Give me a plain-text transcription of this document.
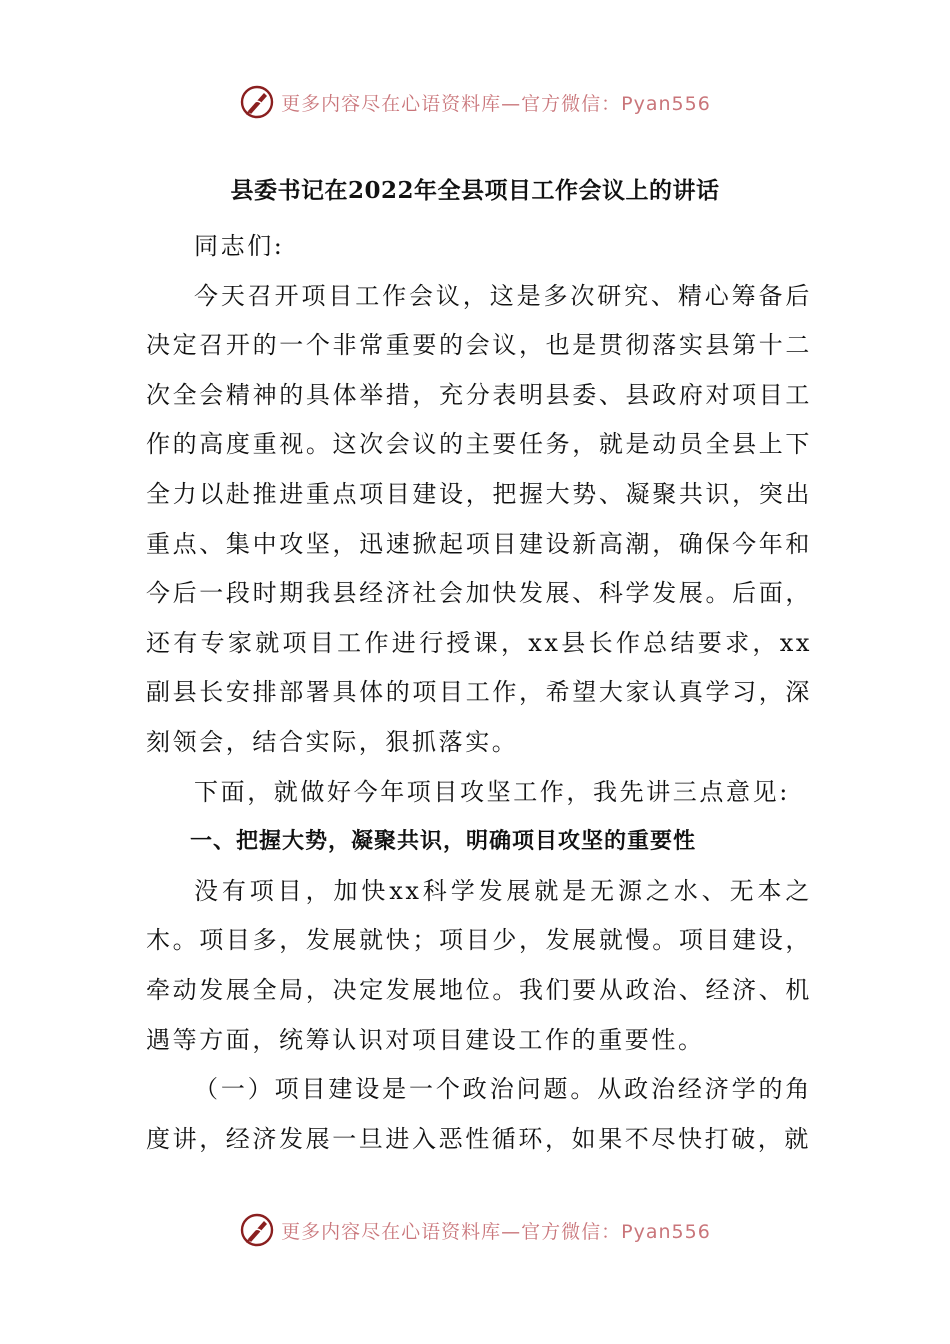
更多内容尽在心语资料库—官方微信：Pyan556
县委书记在2022年全县项目工作会议上的讲话

同志们:

今天召开项目工作会议，这是多次研究、精心筹备后决定召开的一个非常重要的会议，也是贯彻落实县第十二次全会精神的具体举措，充分表明县委、县政府对项目工作的高度重视。这次会议的主要任务，就是动员全县上下全力以赴推进重点项目建设，把握大势、凝聚共识，突出重点、集中攻坚，迅速掀起项目建设新高潮，确保今年和今后一段时期我县经济社会加快发展、科学发展。后面，还有专家就项目工作进行授课，xx县长作总结要求，xx副县长安排部署具体的项目工作，希望大家认真学习，深刻领会，结合实际，狠抓落实。

下面，就做好今年项目攻坚工作，我先讲三点意见:

一、把握大势，凝聚共识，明确项目攻坚的重要性

没有项目，加快xx科学发展就是无源之水、无本之木。项目多，发展就快；项目少，发展就慢。项目建设，牵动发展全局，决定发展地位。我们要从政治、经济、机遇等方面，统筹认识对项目建设工作的重要性。

（一）项目建设是一个政治问题。从政治经济学的角度讲，经济发展一旦进入恶性循环，如果不尽快打破，就

更多内容尽在心语资料库—官方微信：Pyan556
